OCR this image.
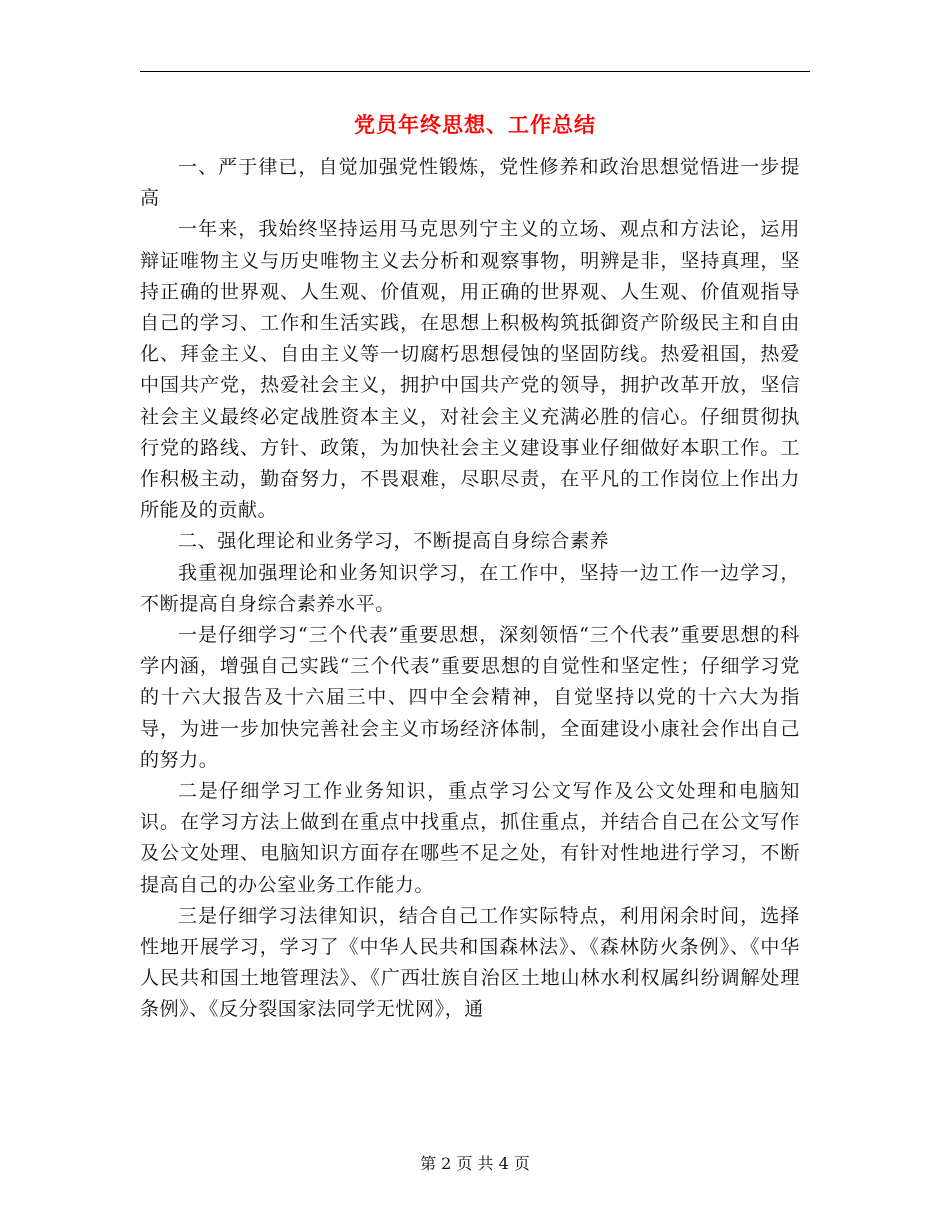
党员年终思想、工作总结

一、严于律已，自觉加强党性锻炼，党性修养和政治思想觉悟进一步提高

一年来，我始终坚持运用马克思列宁主义的立场、观点和方法论，运用辩证唯物主义与历史唯物主义去分析和观察事物，明辨是非，坚持真理，坚持正确的世界观、人生观、价值观，用正确的世界观、人生观、价值观指导自己的学习、工作和生活实践，在思想上积极构筑抵御资产阶级民主和自由化、拜金主义、自由主义等一切腐朽思想侵蚀的坚固防线。热爱祖国，热爱中国共产党，热爱社会主义，拥护中国共产党的领导，拥护改革开放，坚信社会主义最终必定战胜资本主义，对社会主义充满必胜的信心。仔细贯彻执行党的路线、方针、政策，为加快社会主义建设事业仔细做好本职工作。工作积极主动，勤奋努力，不畏艰难，尽职尽责，在平凡的工作岗位上作出力所能及的贡献。

二、强化理论和业务学习，不断提高自身综合素养

我重视加强理论和业务知识学习，在工作中，坚持一边工作一边学习，不断提高自身综合素养水平。

一是仔细学习“三个代表”重要思想，深刻领悟“三个代表”重要思想的科学内涵，增强自己实践“三个代表”重要思想的自觉性和坚定性；仔细学习党的十六大报告及十六届三中、四中全会精神，自觉坚持以党的十六大为指导，为进一步加快完善社会主义市场经济体制，全面建设小康社会作出自己的努力。

二是仔细学习工作业务知识，重点学习公文写作及公文处理和电脑知识。在学习方法上做到在重点中找重点，抓住重点，并结合自己在公文写作及公文处理、电脑知识方面存在哪些不足之处，有针对性地进行学习，不断提高自己的办公室业务工作能力。

三是仔细学习法律知识，结合自己工作实际特点，利用闲余时间，选择性地开展学习，学习了《中华人民共和国森林法》、《森林防火条例》、《中华人民共和国土地管理法》、《广西壮族自治区土地山林水利权属纠纷调解处理条例》、《反分裂国家法同学无忧网》，通

第 2 页 共 4 页
